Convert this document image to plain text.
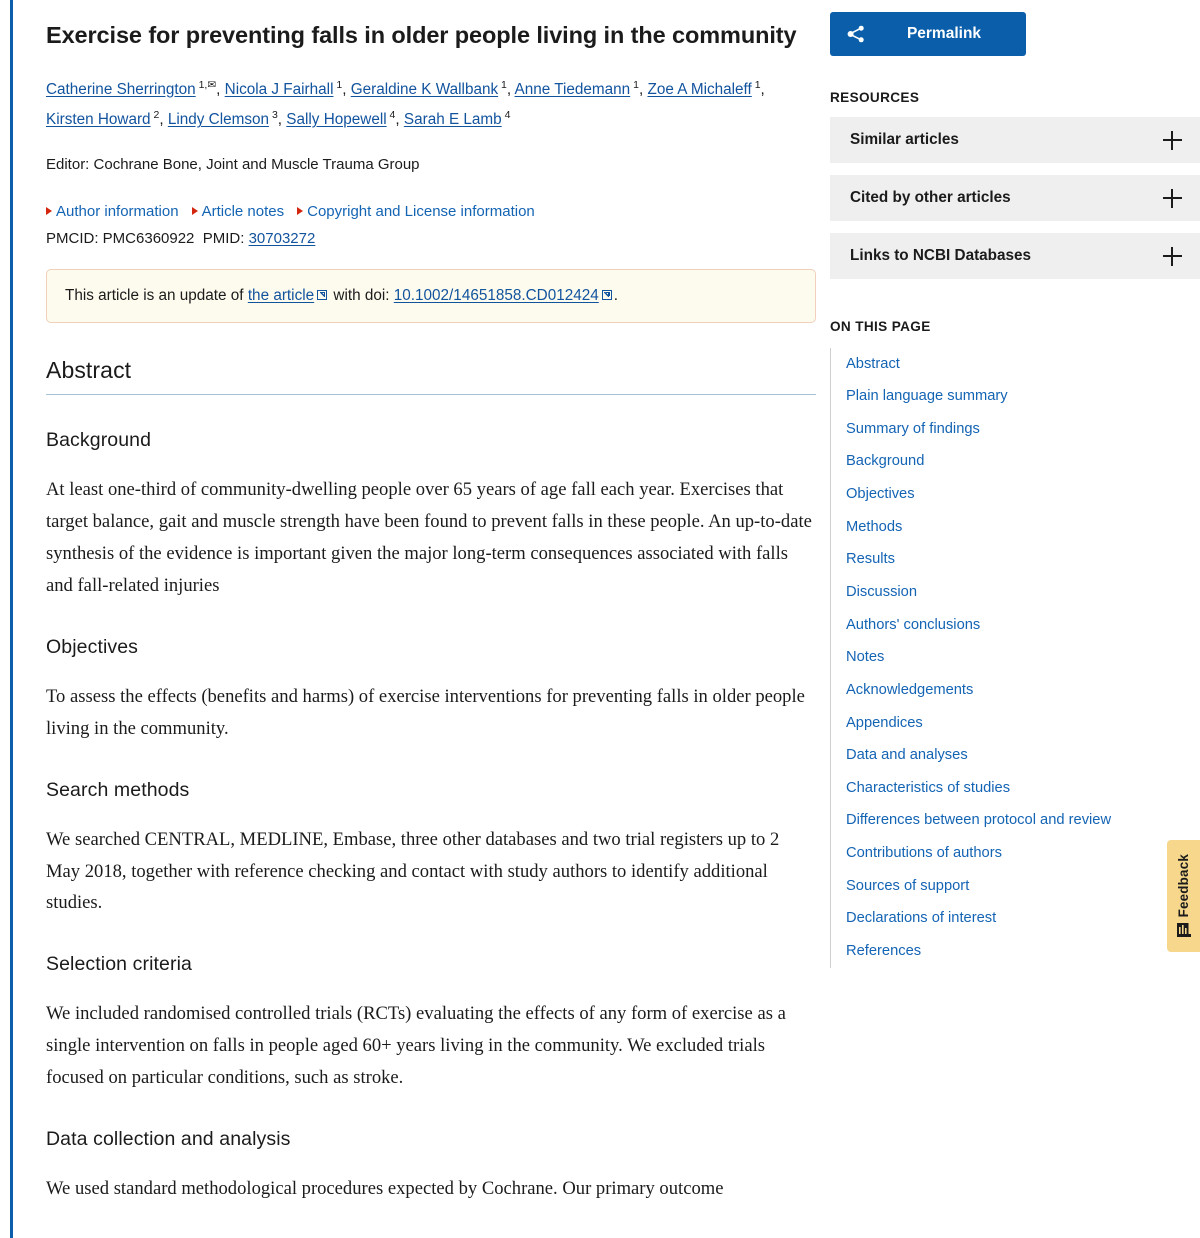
Exercise for preventing falls in older people living in the community
Catherine Sherrington $^{1,✉}$, Nicola J Fairhall $^1$, Geraldine K Wallbank $^1$, Anne Tiedemann $^1$, Zoe A Michaleff $^1$, Kirsten Howard $^2$, Lindy Clemson $^3$, Sally Hopewell $^4$, Sarah E Lamb $^4$
Editor: Cochrane Bone, Joint and Muscle Trauma Group
Author information Article notes Copyright and License information
PMCID: PMC6360922 PMID: 30703272
This article is an update of the article
with doi: 10.1002/14651858.CD012424 .
Abstract
Background

At least one-third of community-dwelling people over 65 years of age fall each year. Exercises that target balance, gait and muscle strength have been found to prevent falls in these people. An up-to-date synthesis of the evidence is important given the major long-term consequences associated with falls and fall-related injuries

Objectives

To assess the effects (benefits and harms) of exercise interventions for preventing falls in older people living in the community.

Search methods

We searched CENTRAL, MEDLINE, Embase, three other databases and two trial registers up to 2 May 2018, together with reference checking and contact with study authors to identify additional studies.

Selection criteria

We included randomised controlled trials (RCTs) evaluating the effects of any form of exercise as a single intervention on falls in people aged 60+ years living in the community. We excluded trials focused on particular conditions, such as stroke.

Data collection and analysis

We used standard methodological procedures expected by Cochrane. Our primary outcome

Permalink
RESOURCES
Similar articles
Cited by other articles
Links to NCBI Databases
ON THIS PAGE
Abstract
Plain language summary
Summary of findings
Background
Objectives
Methods
Results
Discussion
Authors' conclusions
Notes
Acknowledgements
Appendices
Data and analyses
Characteristics of studies
Differences between protocol and review
Contributions of authors
Sources of support
Declarations of interest
References
Feedback
